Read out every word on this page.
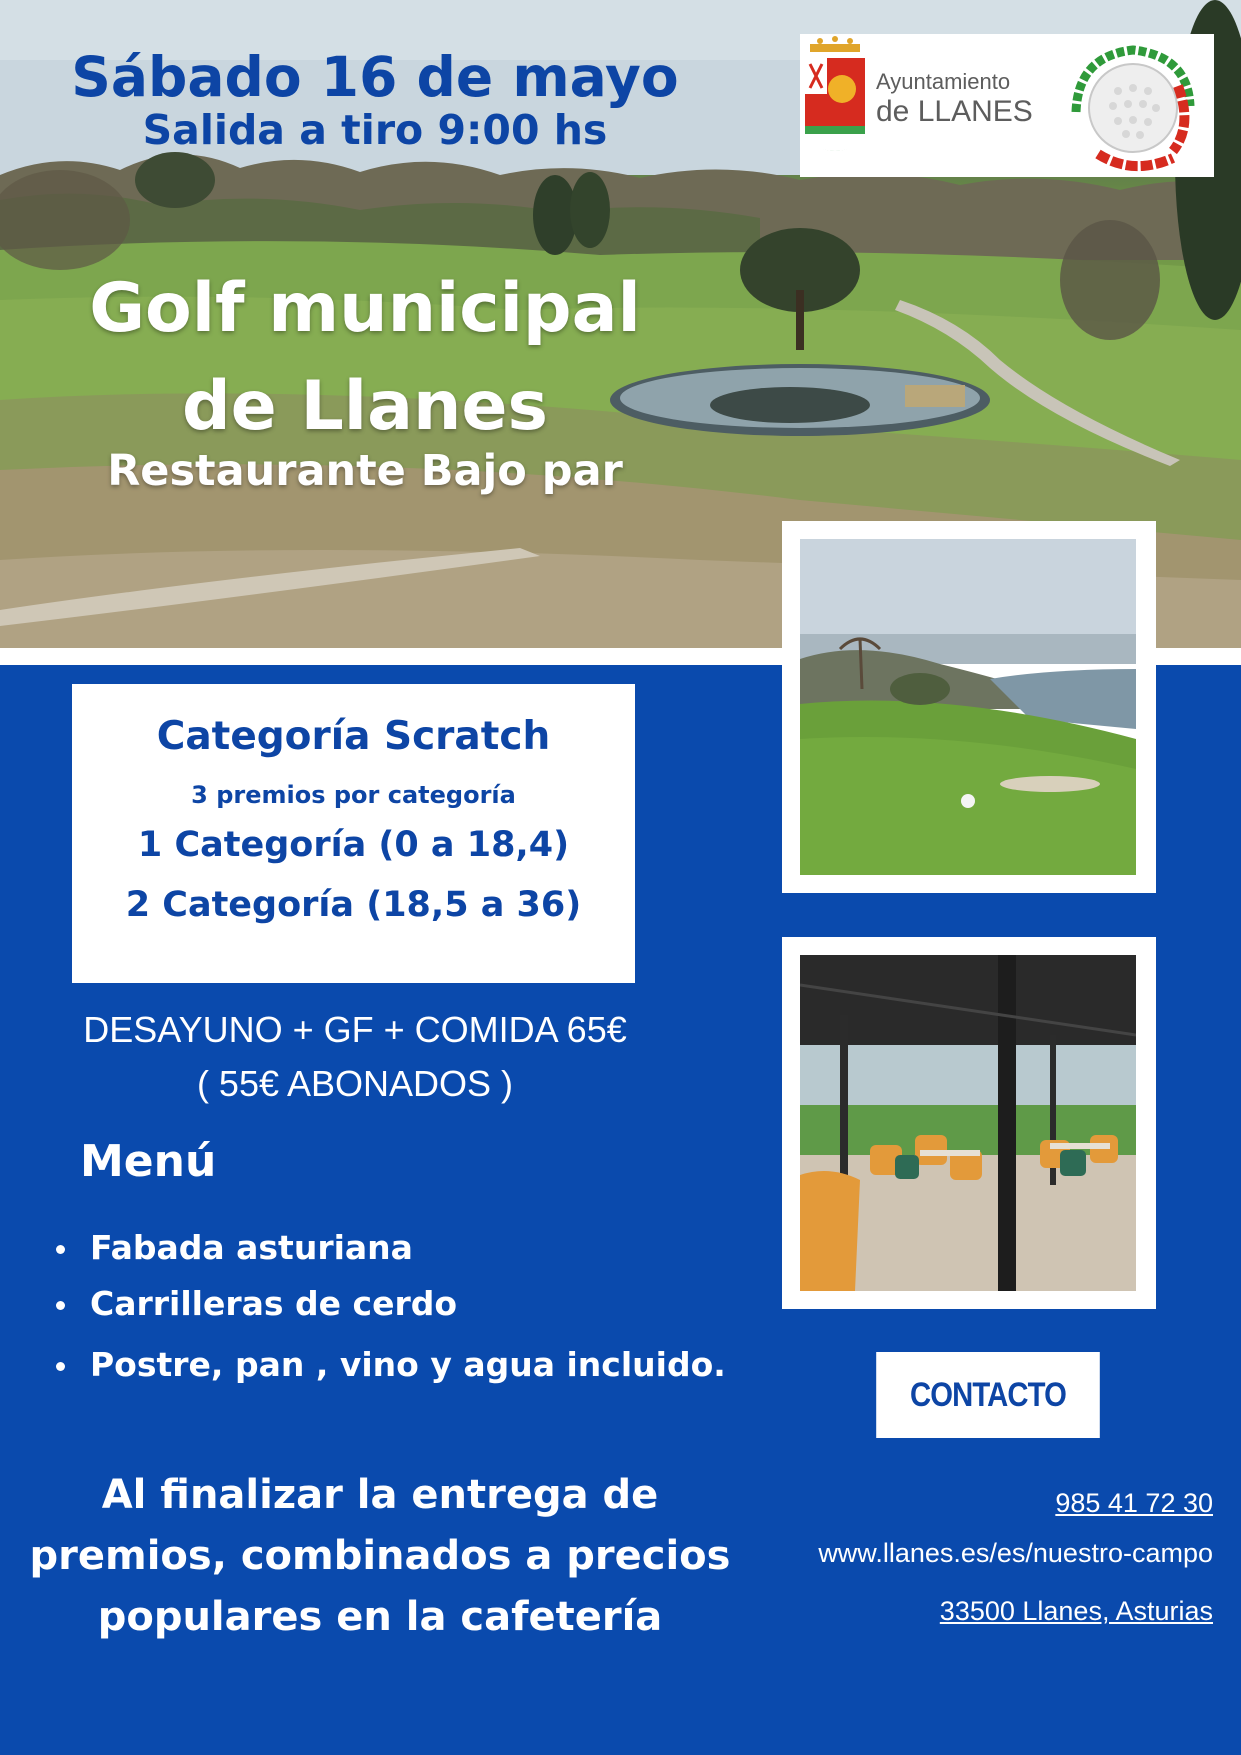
Sábado 16 de mayo
Salida a tiro 9:00 hs
Golf municipal
de Llanes
Restaurante Bajo par
Ayuntamiento
de LLANES
Categoría Scratch
3 premios por categoría
1 Categoría (0 a 18,4)
2 Categoría (18,5 a 36)
DESAYUNO + GF + COMIDA 65€
( 55€ ABONADOS )
Menú
Fabada asturiana
Carrilleras de cerdo
Postre, pan , vino y agua incluido.
Al finalizar la entrega de
premios, combinados a precios
populares en la cafetería
CONTACTO
985 41 72 30
www.llanes.es/es/nuestro-campo
33500 Llanes, Asturias
